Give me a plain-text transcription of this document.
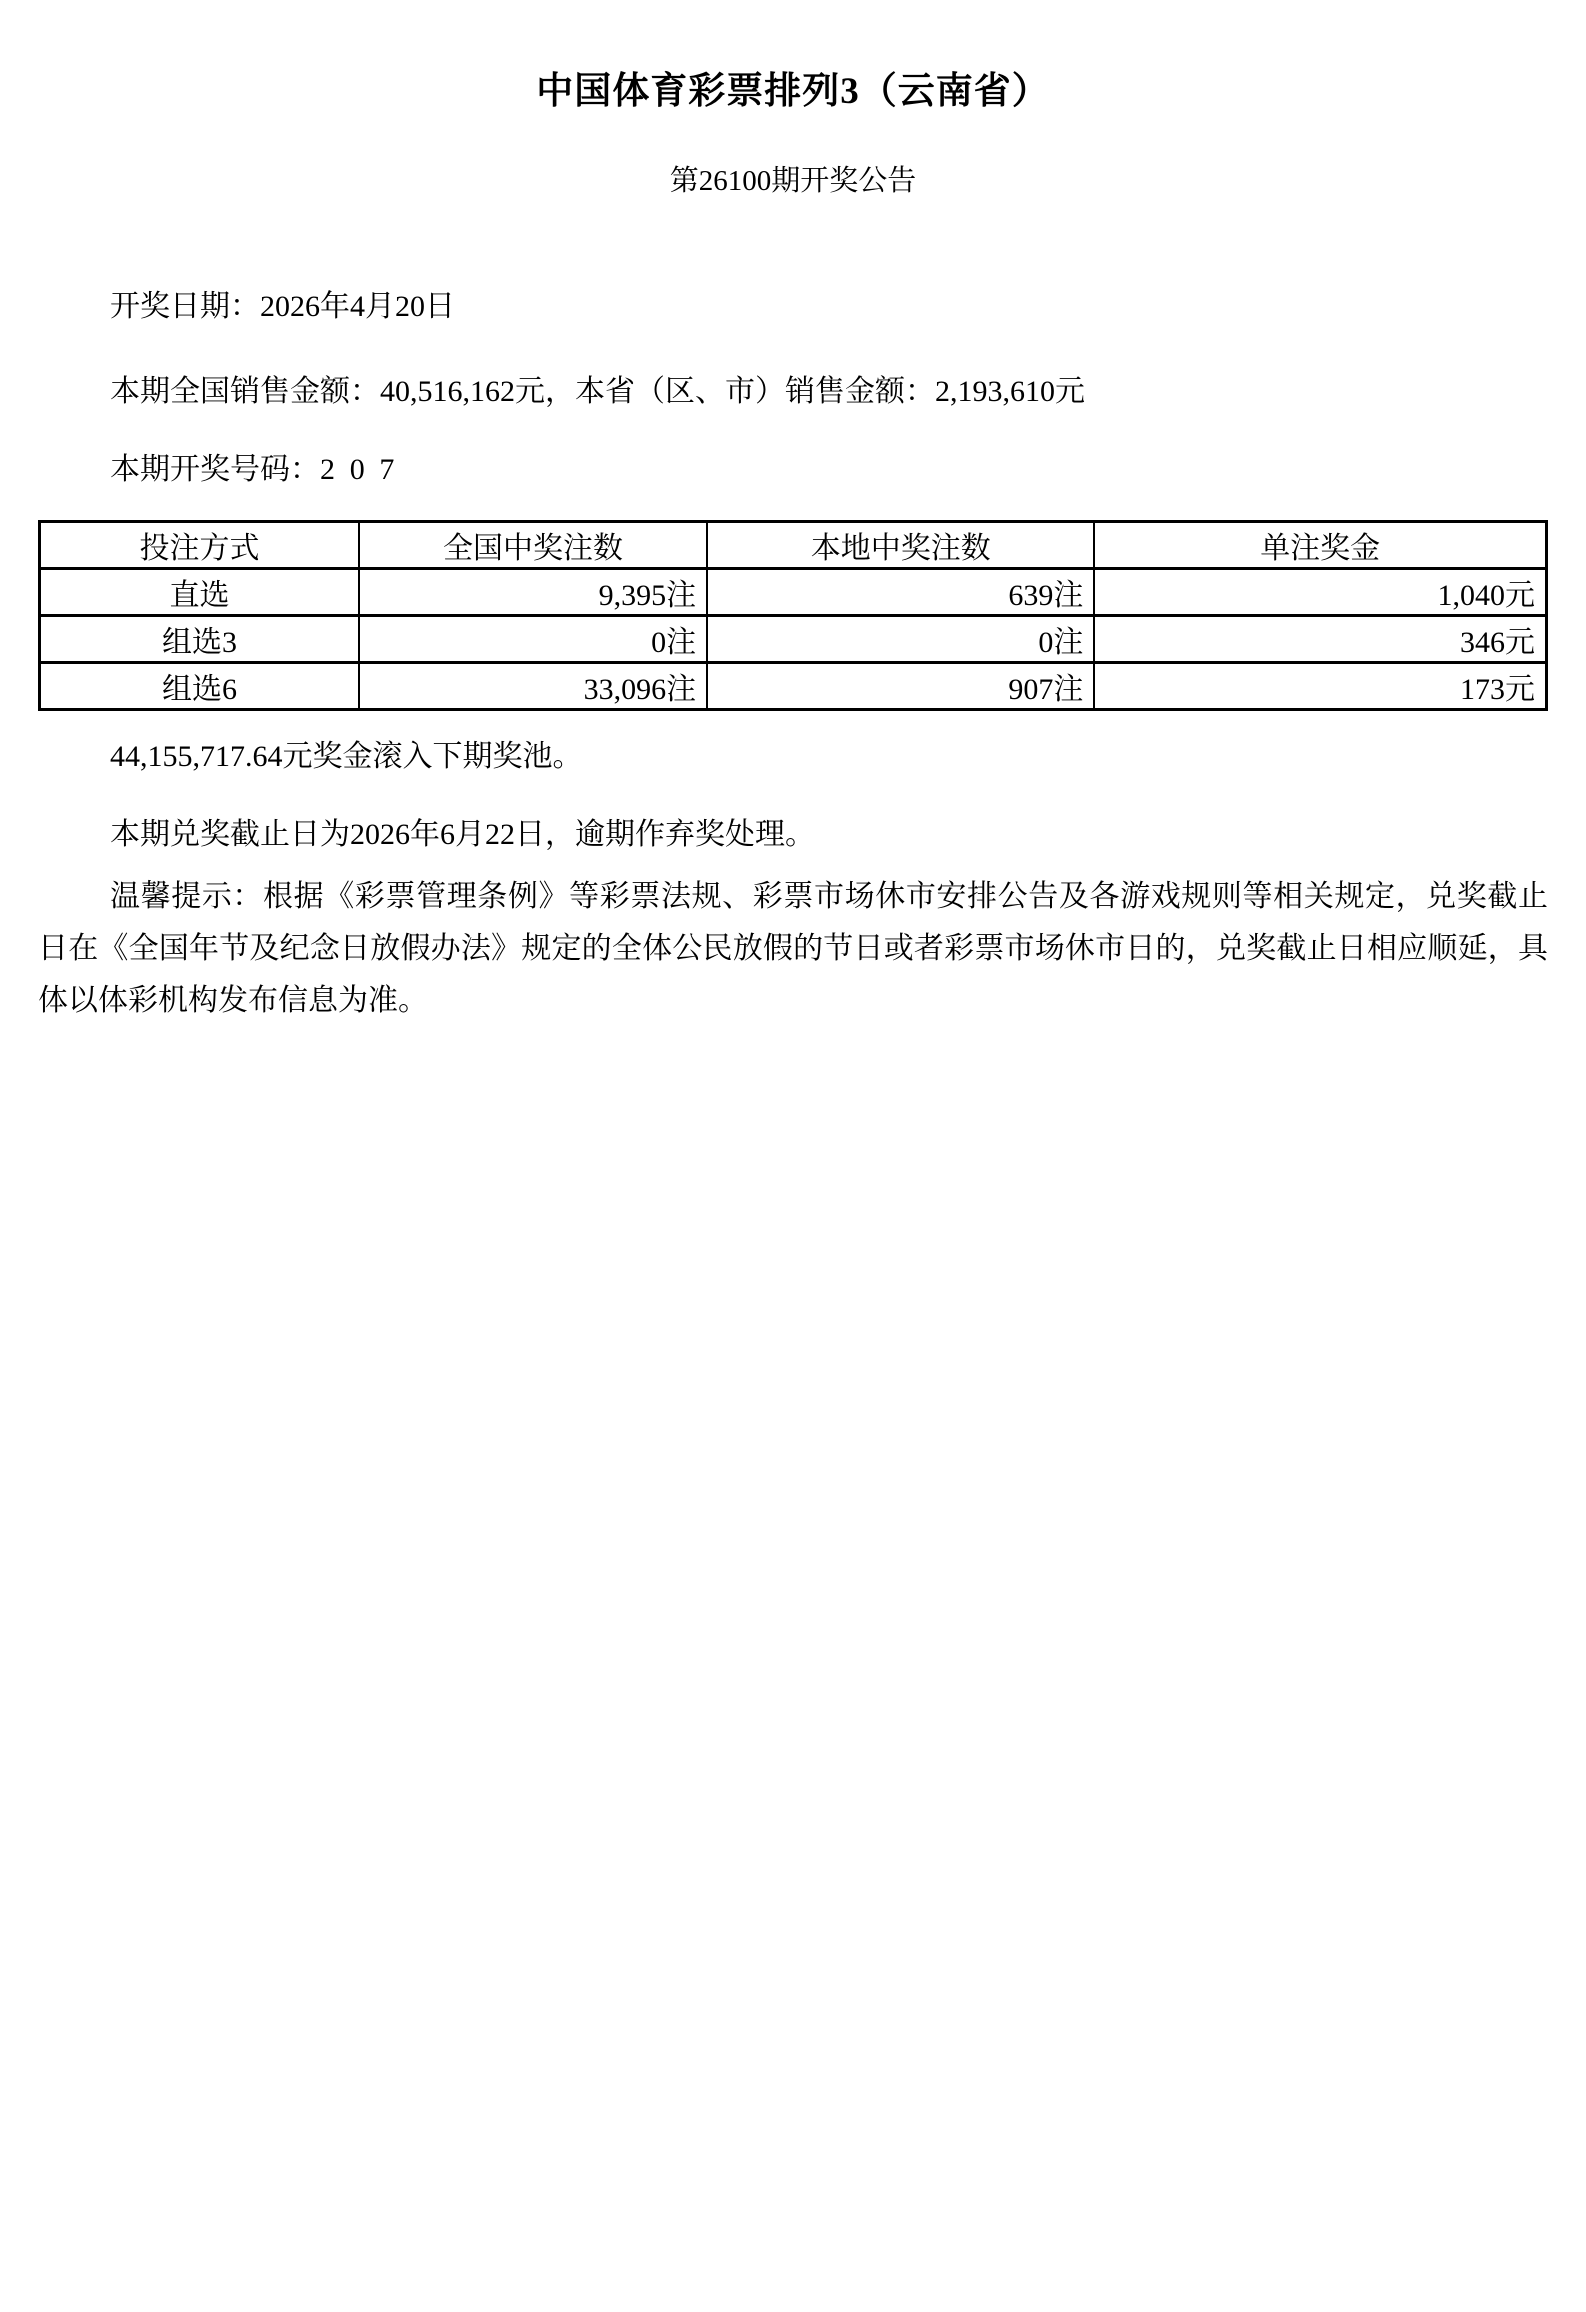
中国体育彩票排列3（云南省）
第26100期开奖公告

开奖日期：2026年4月20日

本期全国销售金额：40,516,162元，本省（区、市）销售金额：2,193,610元

本期开奖号码：2 0 7

投注方式	全国中奖注数	本地中奖注数	单注奖金
直选	9,395注	639注	1,040元
组选3	0注	0注	346元
组选6	33,096注	907注	173元

44,155,717.64元奖金滚入下期奖池。

本期兑奖截止日为2026年6月22日，逾期作弃奖处理。

温馨提示：根据《彩票管理条例》等彩票法规、彩票市场休市安排公告及各游戏规则等相关规定，兑奖截止日在《全国年节及纪念日放假办法》规定的全体公民放假的节日或者彩票市场休市日的，兑奖截止日相应顺延，具体以体彩机构发布信息为准。
